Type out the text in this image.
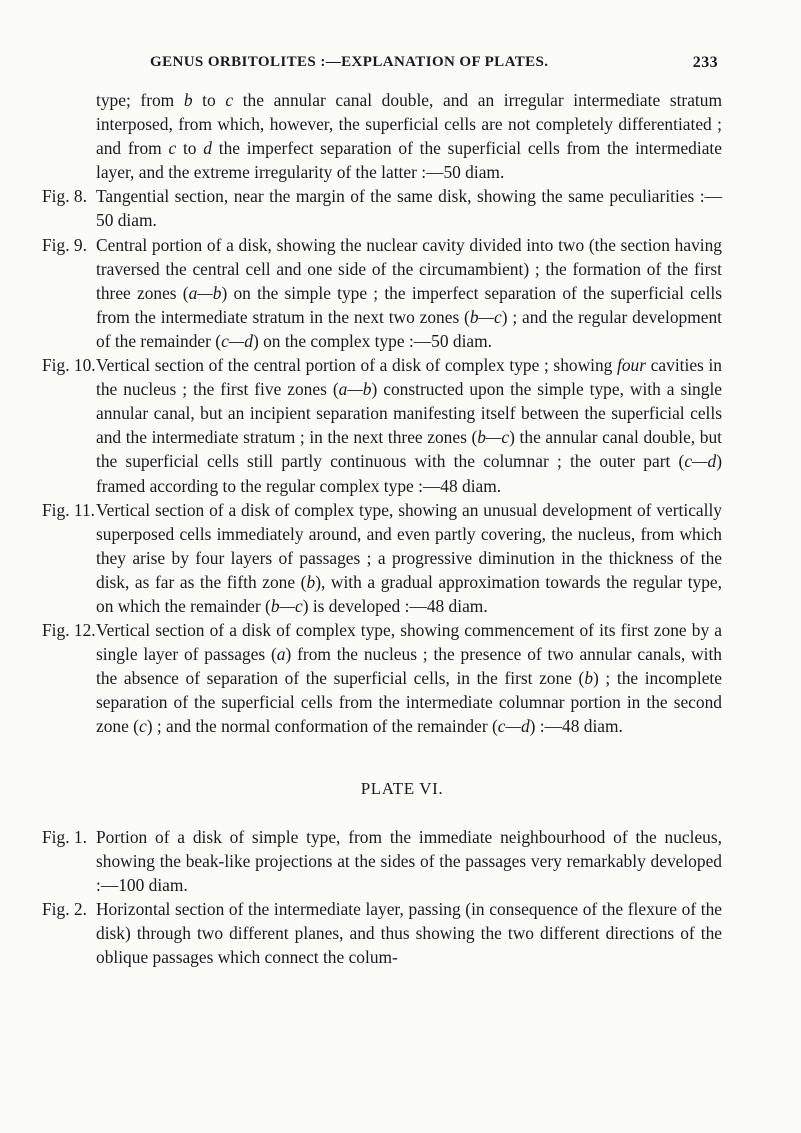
GENUS ORBITOLITES :—EXPLANATION OF PLATES.	233

type; from b to c the annular canal double, and an irregular intermediate stratum interposed, from which, however, the superficial cells are not completely differentiated ; and from c to d the imperfect separation of the superficial cells from the intermediate layer, and the extreme irregularity of the latter :—50 diam.

Fig. 8. Tangential section, near the margin of the same disk, showing the same peculiarities :—50 diam.

Fig. 9. Central portion of a disk, showing the nuclear cavity divided into two (the section having traversed the central cell and one side of the circumambient) ; the formation of the first three zones (a—b) on the simple type ; the imperfect separation of the superficial cells from the intermediate stratum in the next two zones (b—c) ; and the regular development of the remainder (c—d) on the complex type :—50 diam.

Fig. 10. Vertical section of the central portion of a disk of complex type ; showing four cavities in the nucleus ; the first five zones (a—b) constructed upon the simple type, with a single annular canal, but an incipient separation manifesting itself between the superficial cells and the intermediate stratum ; in the next three zones (b—c) the annular canal double, but the superficial cells still partly continuous with the columnar ; the outer part (c—d) framed according to the regular complex type :—48 diam.

Fig. 11. Vertical section of a disk of complex type, showing an unusual development of vertically superposed cells immediately around, and even partly covering, the nucleus, from which they arise by four layers of passages ; a progressive diminution in the thickness of the disk, as far as the fifth zone (b), with a gradual approximation towards the regular type, on which the remainder (b—c) is developed :—48 diam.

Fig. 12. Vertical section of a disk of complex type, showing commencement of its first zone by a single layer of passages (a) from the nucleus ; the presence of two annular canals, with the absence of separation of the superficial cells, in the first zone (b) ; the incomplete separation of the superficial cells from the intermediate columnar portion in the second zone (c) ; and the normal conformation of the remainder (c—d) :—48 diam.

PLATE VI.

Fig. 1. Portion of a disk of simple type, from the immediate neighbourhood of the nucleus, showing the beak-like projections at the sides of the passages very remarkably developed :—100 diam.

Fig. 2. Horizontal section of the intermediate layer, passing (in consequence of the flexure of the disk) through two different planes, and thus showing the two different directions of the oblique passages which connect the colum-
